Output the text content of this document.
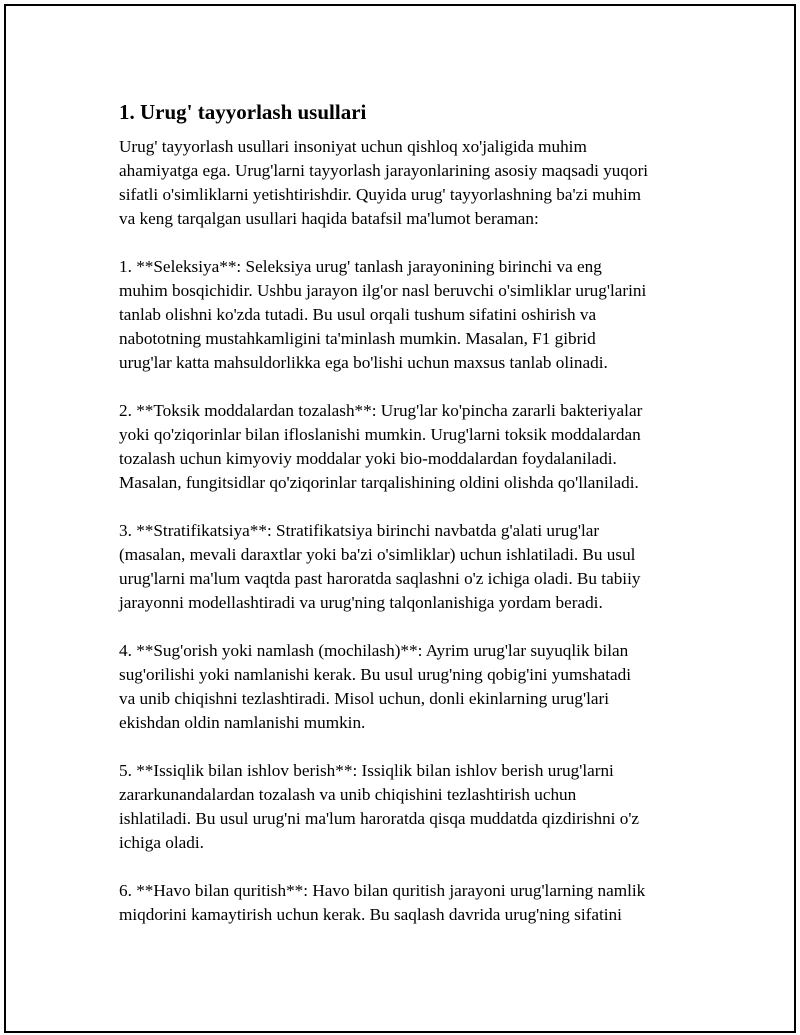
1. Urug' tayyorlash usullari

Urug' tayyorlash usullari insoniyat uchun qishloq xo'jaligida muhim
ahamiyatga ega. Urug'larni tayyorlash jarayonlarining asosiy maqsadi yuqori
sifatli o'simliklarni yetishtirishdir. Quyida urug' tayyorlashning ba'zi muhim
va keng tarqalgan usullari haqida batafsil ma'lumot beraman:

1. **Seleksiya**: Seleksiya urug' tanlash jarayonining birinchi va eng
muhim bosqichidir. Ushbu jarayon ilg'or nasl beruvchi o'simliklar urug'larini
tanlab olishni ko'zda tutadi. Bu usul orqali tushum sifatini oshirish va
nabototning mustahkamligini ta'minlash mumkin. Masalan, F1 gibrid
urug'lar katta mahsuldorlikka ega bo'lishi uchun maxsus tanlab olinadi.

2. **Toksik moddalardan tozalash**: Urug'lar ko'pincha zararli bakteriyalar
yoki qo'ziqorinlar bilan ifloslanishi mumkin. Urug'larni toksik moddalardan
tozalash uchun kimyoviy moddalar yoki bio-moddalardan foydalaniladi.
Masalan, fungitsidlar qo'ziqorinlar tarqalishining oldini olishda qo'llaniladi.

3. **Stratifikatsiya**: Stratifikatsiya birinchi navbatda g'alati urug'lar
(masalan, mevali daraxtlar yoki ba'zi o'simliklar) uchun ishlatiladi. Bu usul
urug'larni ma'lum vaqtda past haroratda saqlashni o'z ichiga oladi. Bu tabiiy
jarayonni modellashtiradi va urug'ning talqonlanishiga yordam beradi.

4. **Sug'orish yoki namlash (mochilash)**: Ayrim urug'lar suyuqlik bilan
sug'orilishi yoki namlanishi kerak. Bu usul urug'ning qobig'ini yumshatadi
va unib chiqishni tezlashtiradi. Misol uchun, donli ekinlarning urug'lari
ekishdan oldin namlanishi mumkin.

5. **Issiqlik bilan ishlov berish**: Issiqlik bilan ishlov berish urug'larni
zararkunandalardan tozalash va unib chiqishini tezlashtirish uchun
ishlatiladi. Bu usul urug'ni ma'lum haroratda qisqa muddatda qizdirishni o'z
ichiga oladi.

6. **Havo bilan quritish**: Havo bilan quritish jarayoni urug'larning namlik
miqdorini kamaytirish uchun kerak. Bu saqlash davrida urug'ning sifatini
